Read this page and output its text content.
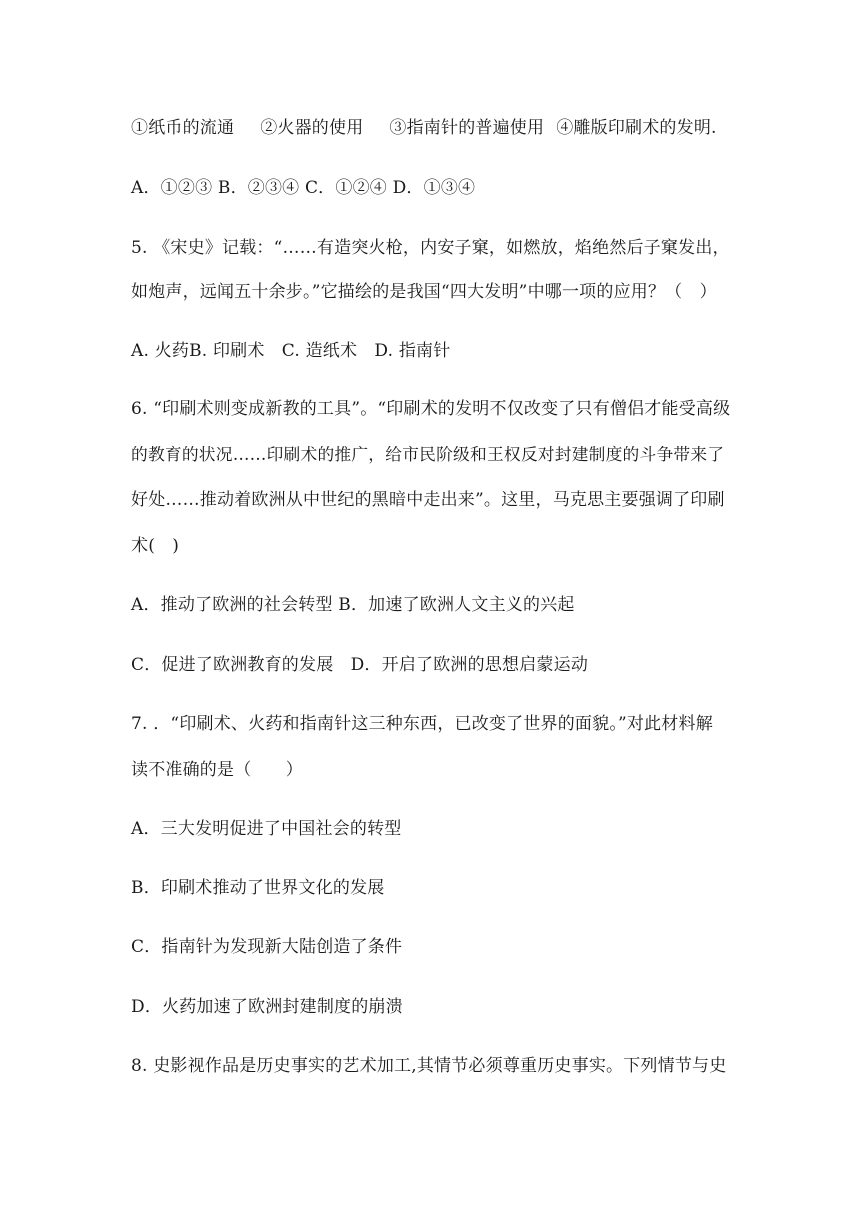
①纸币的流通 ②火器的使用 ③指南针的普遍使用 ④雕版印刷术的发明.
A．①②③ B．②③④ C．①②④ D．①③④
5. 《宋史》记载：“……有造突火枪，内安子窠，如燃放，焰绝然后子窠发出，
如炮声，远闻五十余步。”它描绘的是我国“四大发明”中哪一项的应用？（　）
A. 火药B. 印刷术　C. 造纸术　D. 指南针
6. “印刷术则变成新教的工具”。“印刷术的发明不仅改变了只有僧侣才能受高级
的教育的状况……印刷术的推广，给市民阶级和王权反对封建制度的斗争带来了
好处……推动着欧洲从中世纪的黑暗中走出来”。这里，马克思主要强调了印刷
术(　)
A．推动了欧洲的社会转型 B．加速了欧洲人文主义的兴起
C．促进了欧洲教育的发展　D．开启了欧洲的思想启蒙运动
7. ．“印刷术、火药和指南针这三种东西，已改变了世界的面貌。”对此材料解
读不准确的是（　　）
A．三大发明促进了中国社会的转型
B．印刷术推动了世界文化的发展
C．指南针为发现新大陆创造了条件
D．火药加速了欧洲封建制度的崩溃
8. 史影视作品是历史事实的艺术加工,其情节必须尊重历史事实。下列情节与史
